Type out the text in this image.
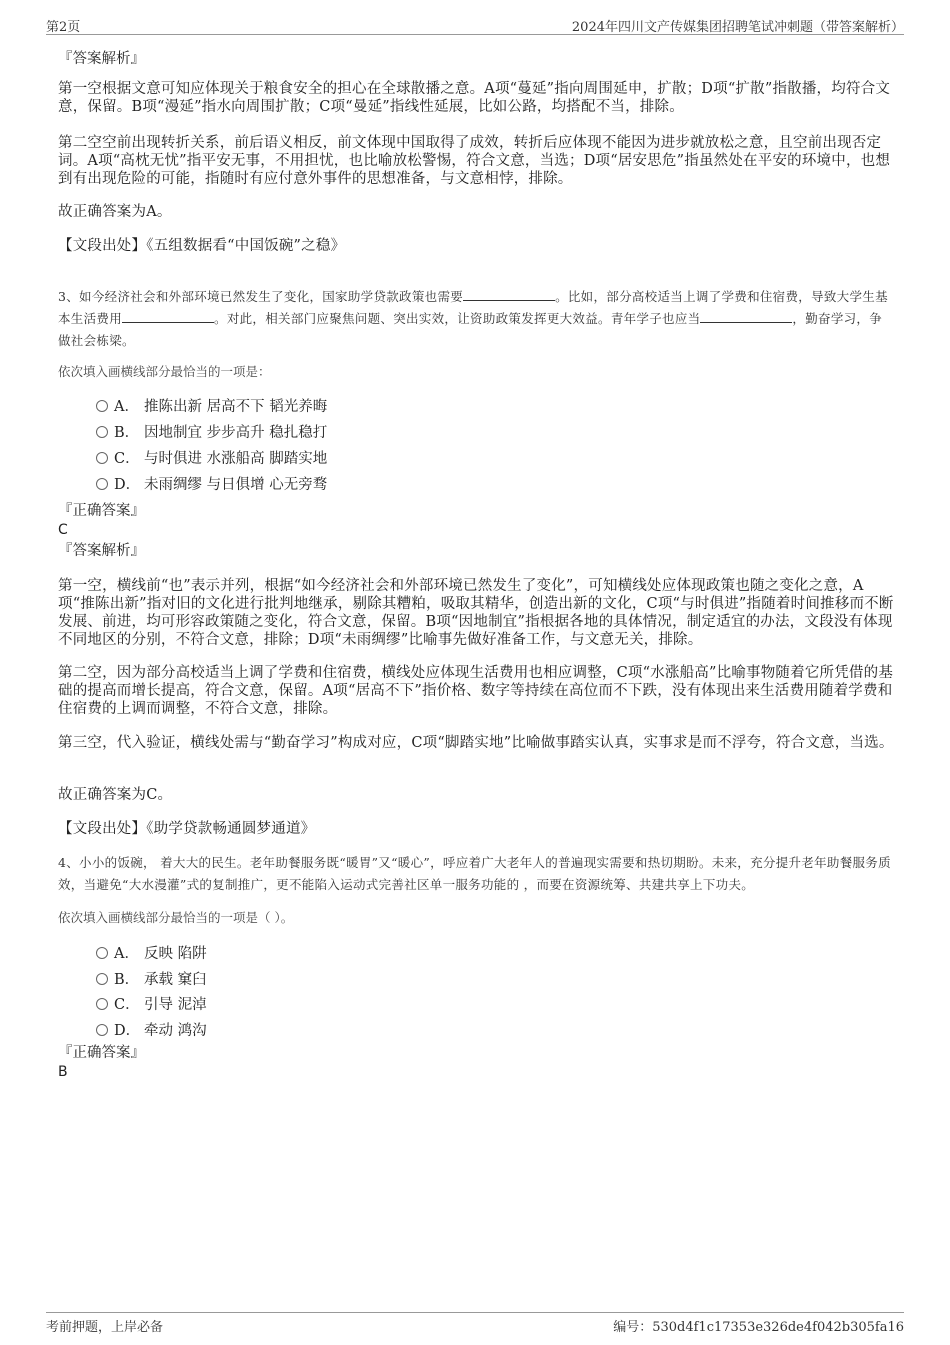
第2页	2024年四川文产传媒集团招聘笔试冲刺题（带答案解析）
『答案解析』

第一空根据文意可知应体现关于粮食安全的担心在全球散播之意。A项“蔓延”指向周围延申，扩散；D项“扩散”指散播，均符合文意，保留。B项“漫延”指水向周围扩散；C项“曼延”指线性延展，比如公路，均搭配不当，排除。

第二空空前出现转折关系，前后语义相反，前文体现中国取得了成效，转折后应体现不能因为进步就放松之意，且空前出现否定词。A项“高枕无忧”指平安无事，不用担忧，也比喻放松警惕，符合文意，当选；D项“居安思危”指虽然处在平安的环境中，也想到有出现危险的可能，指随时有应付意外事件的思想准备，与文意相悖，排除。

故正确答案为A。

【文段出处】《五组数据看“中国饭碗”之稳》

3、如今经济社会和外部环境已然发生了变化，国家助学贷款政策也需要	。比如，部分高校适当上调了学费和住宿费，导致大学生基本生活费用	。对此，相关部门应聚焦问题、突出实效，让资助政策发挥更大效益。青年学子也应当	，勤奋学习，争做社会栋梁。

依次填入画横线部分最恰当的一项是：

A． 推陈出新 居高不下 韬光养晦
B． 因地制宜 步步高升 稳扎稳打
C． 与时俱进 水涨船高 脚踏实地
D． 未雨绸缪 与日俱增 心无旁骛
『正确答案』
C
『答案解析』

第一空，横线前“也”表示并列，根据“如今经济社会和外部环境已然发生了变化”，可知横线处应体现政策也随之变化之意，A项“推陈出新”指对旧的文化进行批判地继承，剔除其糟粕，吸取其精华，创造出新的文化，C项“与时俱进”指随着时间推移而不断发展、前进，均可形容政策随之变化，符合文意，保留。B项“因地制宜”指根据各地的具体情况，制定适宜的办法，文段没有体现不同地区的分别，不符合文意，排除；D项“未雨绸缪”比喻事先做好准备工作，与文意无关，排除。

第二空，因为部分高校适当上调了学费和住宿费，横线处应体现生活费用也相应调整，C项“水涨船高”比喻事物随着它所凭借的基础的提高而增长提高，符合文意，保留。A项“居高不下”指价格、数字等持续在高位而不下跌，没有体现出来生活费用随着学费和住宿费的上调而调整，不符合文意，排除。

第三空，代入验证，横线处需与“勤奋学习”构成对应，C项“脚踏实地”比喻做事踏实认真，实事求是而不浮夸，符合文意，当选。

故正确答案为C。

【文段出处】《助学贷款畅通圆梦通道》

4、小小的饭碗， 着大大的民生。老年助餐服务既“暖胃”又“暖心”，呼应着广大老年人的普遍现实需要和热切期盼。未来，充分提升老年助餐服务质效，当避免“大水漫灌”式的复制推广，更不能陷入运动式完善社区单一服务功能的 ，而要在资源统筹、共建共享上下功夫。

依次填入画横线部分最恰当的一项是（ ）。

A． 反映 陷阱
B． 承载 窠臼
C． 引导 泥淖
D． 牵动 鸿沟
『正确答案』
B
考前押题，上岸必备	编号：530d4f1c17353e326de4f042b305fa16
